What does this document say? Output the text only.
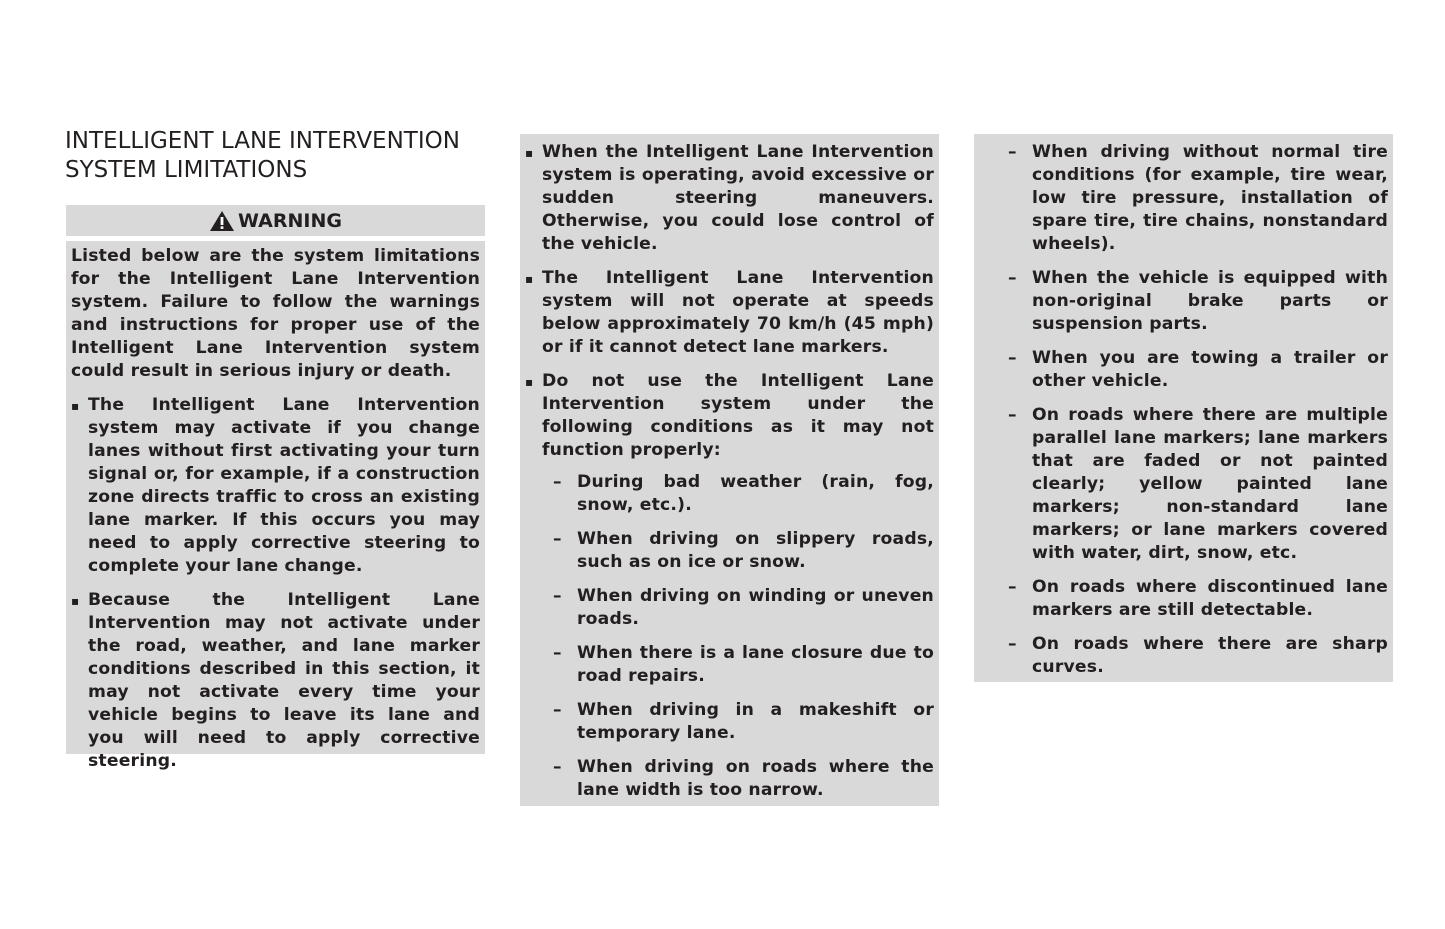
INTELLIGENT LANE INTERVENTION
SYSTEM LIMITATIONS
WARNING

Listed below are the system limitations for the Intelligent Lane Intervention system. Failure to follow the warnings and instructions for proper use of the Intelligent Lane Intervention system could result in serious injury or death.

▪

The Intelligent Lane Intervention system may activate if you change lanes without first activating your turn signal or, for example, if a construction zone directs traffic to cross an existing lane marker. If this occurs you may need to apply corrective steering to complete your lane change.

▪

Because the Intelligent Lane Intervention may not activate under the road, weather, and lane marker conditions described in this section, it may not activate every time your vehicle begins to leave its lane and you will need to apply corrective steering.

▪

When the Intelligent Lane Intervention system is operating, avoid excessive or sudden steering maneuvers. Otherwise, you could lose control of the vehicle.

▪

The Intelligent Lane Intervention system will not operate at speeds below approximately 70 km/h (45 mph) or if it cannot detect lane markers.

▪

Do not use the Intelligent Lane Intervention system under the following conditions as it may not function properly:

– During bad weather (rain, fog, snow, etc.).

– When driving on slippery roads, such as on ice or snow.

– When driving on winding or uneven roads.

– When there is a lane closure due to road repairs.

– When driving in a makeshift or temporary lane.

– When driving on roads where the lane width is too narrow.

– When driving without normal tire conditions (for example, tire wear, low tire pressure, installation of spare tire, tire chains, nonstandard wheels).

– When the vehicle is equipped with non-original brake parts or suspension parts.

– When you are towing a trailer or other vehicle.

– On roads where there are multiple parallel lane markers; lane markers that are faded or not painted clearly; yellow painted lane markers; non-standard lane markers; or lane markers covered with water, dirt, snow, etc.

– On roads where discontinued lane markers are still detectable.

– On roads where there are sharp curves.
